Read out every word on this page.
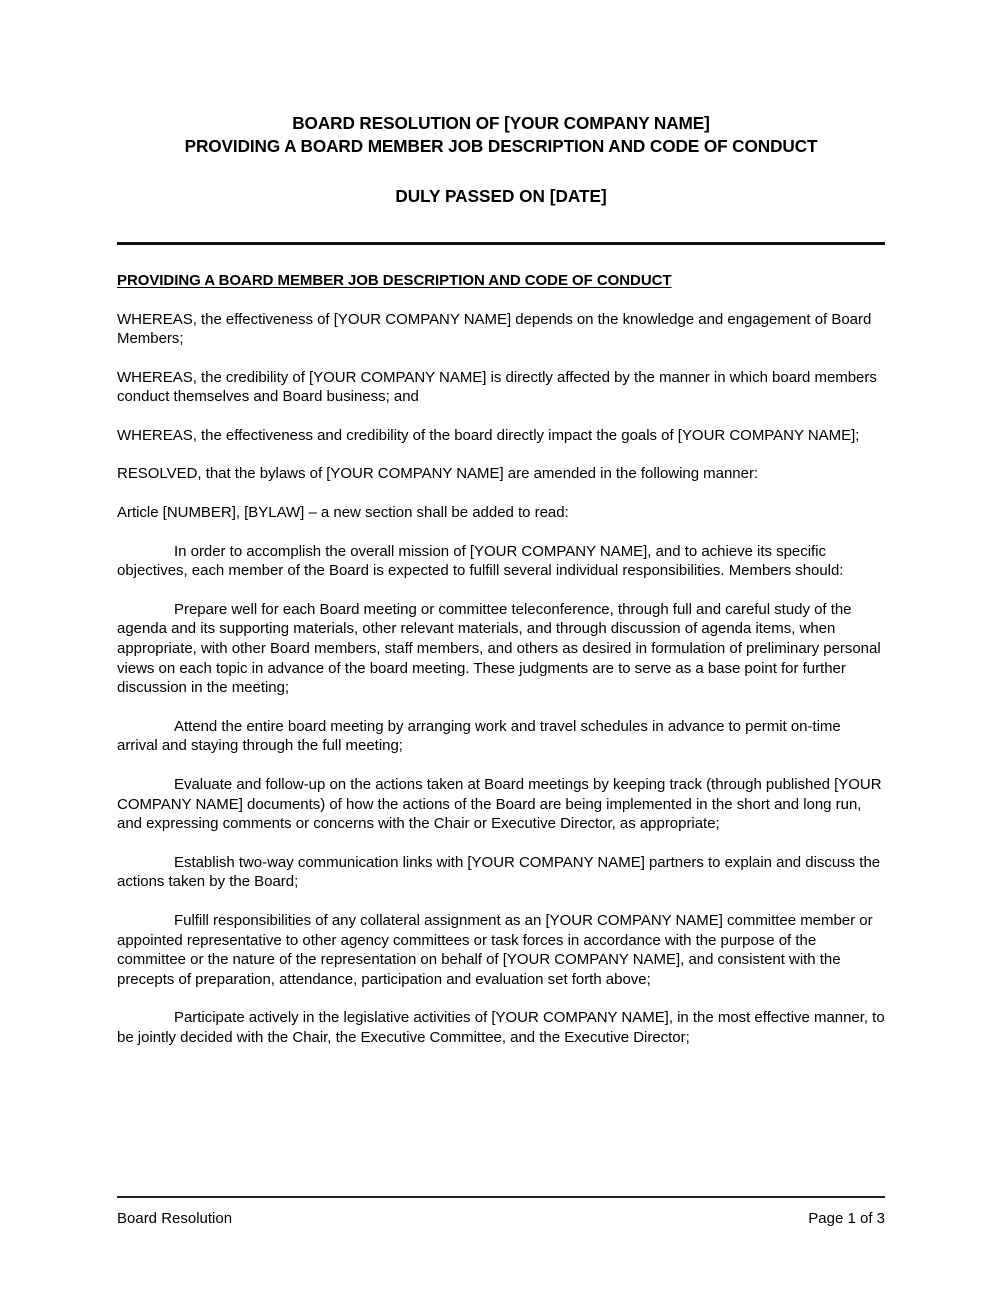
BOARD RESOLUTION OF [YOUR COMPANY NAME]
PROVIDING A BOARD MEMBER JOB DESCRIPTION AND CODE OF CONDUCT
DULY PASSED ON [DATE]
PROVIDING A BOARD MEMBER JOB DESCRIPTION AND CODE OF CONDUCT

WHEREAS, the effectiveness of [YOUR COMPANY NAME] depends on the knowledge and engagement of Board Members;

WHEREAS, the credibility of [YOUR COMPANY NAME] is directly affected by the manner in which board members conduct themselves and Board business; and

WHEREAS, the effectiveness and credibility of the board directly impact the goals of [YOUR COMPANY NAME];

RESOLVED, that the bylaws of [YOUR COMPANY NAME] are amended in the following manner:

Article [NUMBER], [BYLAW] – a new section shall be added to read:

In order to accomplish the overall mission of [YOUR COMPANY NAME], and to achieve its specific objectives, each member of the Board is expected to fulfill several individual responsibilities. Members should:

Prepare well for each Board meeting or committee teleconference, through full and careful study of the agenda and its supporting materials, other relevant materials, and through discussion of agenda items, when appropriate, with other Board members, staff members, and others as desired in formulation of preliminary personal views on each topic in advance of the board meeting. These judgments are to serve as a base point for further discussion in the meeting;

Attend the entire board meeting by arranging work and travel schedules in advance to permit on-time arrival and staying through the full meeting;

Evaluate and follow-up on the actions taken at Board meetings by keeping track (through published [YOUR COMPANY NAME] documents) of how the actions of the Board are being implemented in the short and long run, and expressing comments or concerns with the Chair or Executive Director, as appropriate;

Establish two-way communication links with [YOUR COMPANY NAME] partners to explain and discuss the actions taken by the Board;

Fulfill responsibilities of any collateral assignment as an [YOUR COMPANY NAME] committee member or appointed representative to other agency committees or task forces in accordance with the purpose of the committee or the nature of the representation on behalf of [YOUR COMPANY NAME], and consistent with the precepts of preparation, attendance, participation and evaluation set forth above;

Participate actively in the legislative activities of [YOUR COMPANY NAME], in the most effective manner, to be jointly decided with the Chair, the Executive Committee, and the Executive Director;

Board Resolution	Page 1 of 3
